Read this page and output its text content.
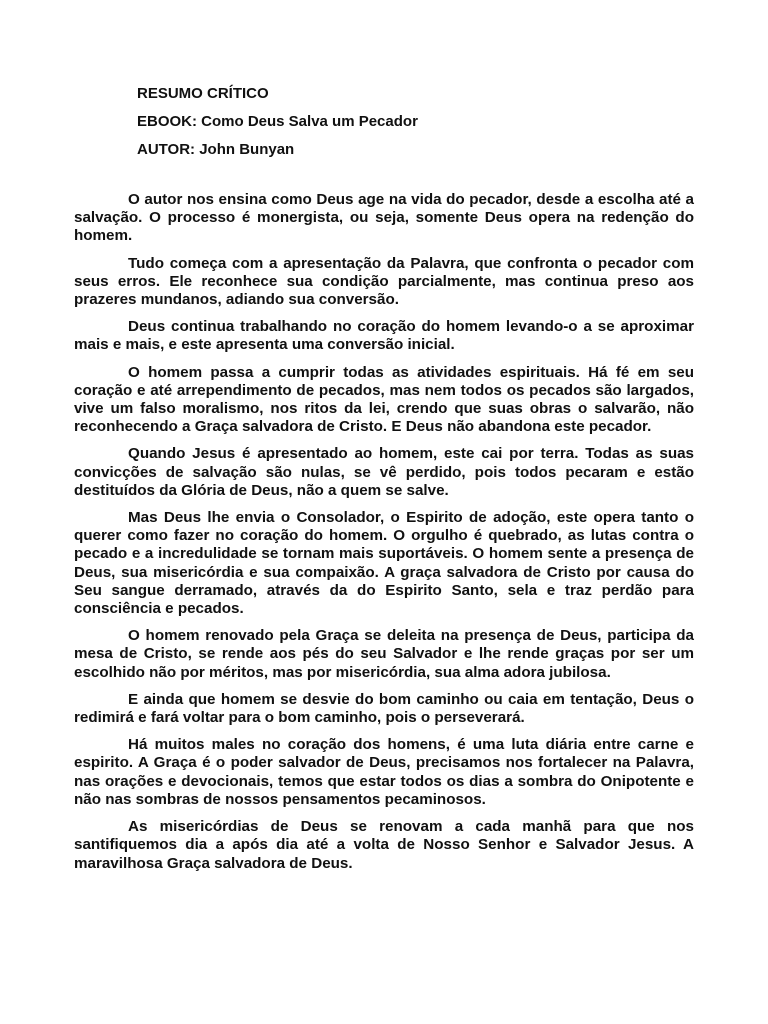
RESUMO CRÍTICO
EBOOK: Como Deus Salva um Pecador
AUTOR: John Bunyan

O autor nos ensina como Deus age na vida do pecador, desde a escolha até a salvação. O processo é monergista, ou seja, somente Deus opera na redenção do homem.

Tudo começa com a apresentação da Palavra, que confronta o pecador com seus erros. Ele reconhece sua condição parcialmente, mas continua preso aos prazeres mundanos, adiando sua conversão.

Deus continua trabalhando no coração do homem levando-o a se aproximar mais e mais, e este apresenta uma conversão inicial.

O homem passa a cumprir todas as atividades espirituais. Há fé em seu coração e até arrependimento de pecados, mas nem todos os pecados são largados, vive um falso moralismo, nos ritos da lei, crendo que suas obras o salvarão, não reconhecendo a Graça salvadora de Cristo. E Deus não abandona este pecador.

Quando Jesus é apresentado ao homem, este cai por terra. Todas as suas convicções de salvação são nulas, se vê perdido, pois todos pecaram e estão destituídos da Glória de Deus, não a quem se salve.

Mas Deus lhe envia o Consolador, o Espirito de adoção, este opera tanto o querer como fazer no coração do homem. O orgulho é quebrado, as lutas contra o pecado e a incredulidade se tornam mais suportáveis. O homem sente a presença de Deus, sua misericórdia e sua compaixão. A graça salvadora de Cristo por causa do Seu sangue derramado, através da do Espirito Santo, sela e traz perdão para consciência e pecados.

O homem renovado pela Graça se deleita na presença de Deus, participa da mesa de Cristo, se rende aos pés do seu Salvador e lhe rende graças por ser um escolhido não por méritos, mas por misericórdia, sua alma adora jubilosa.

E ainda que homem se desvie do bom caminho ou caia em tentação, Deus o redimirá e fará voltar para o bom caminho, pois o perseverará.

Há muitos males no coração dos homens, é uma luta diária entre carne e espirito. A Graça é o poder salvador de Deus, precisamos nos fortalecer na Palavra, nas orações e devocionais, temos que estar todos os dias a sombra do Onipotente e não nas sombras de nossos pensamentos pecaminosos.

As misericórdias de Deus se renovam a cada manhã para que nos santifiquemos dia a após dia até a volta de Nosso Senhor e Salvador Jesus. A maravilhosa Graça salvadora de Deus.
